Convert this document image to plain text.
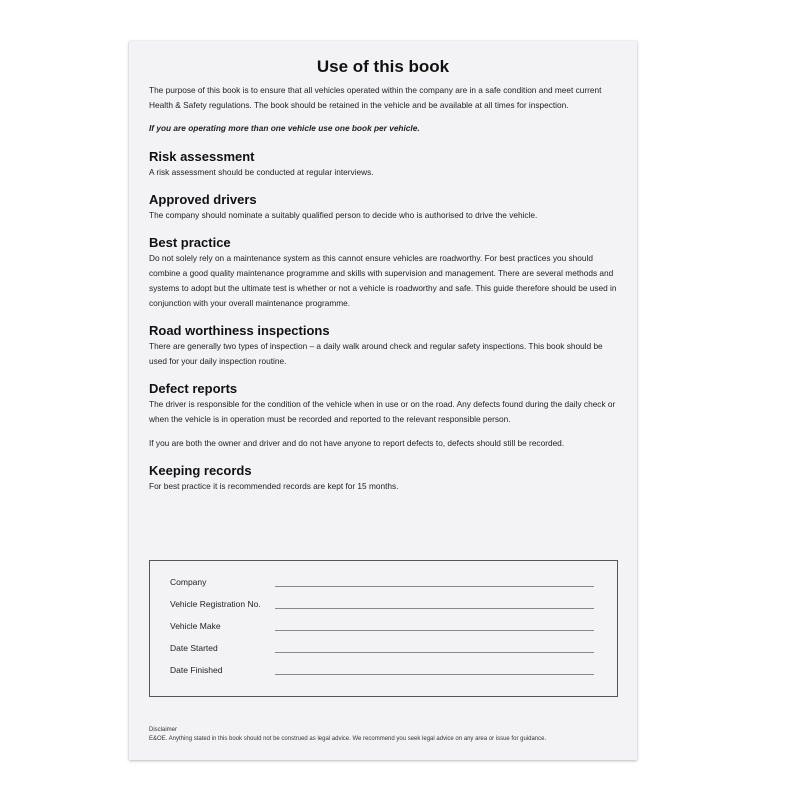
Use of this book

The purpose of this book is to ensure that all vehicles operated within the company are in a safe condition and meet current Health & Safety regulations. The book should be retained in the vehicle and be available at all times for inspection.

If you are operating more than one vehicle use one book per vehicle.

Risk assessment

A risk assessment should be conducted at regular interviews.

Approved drivers

The company should nominate a suitably qualified person to decide who is authorised to drive the vehicle.

Best practice

Do not solely rely on a maintenance system as this cannot ensure vehicles are roadworthy. For best practices you should combine a good quality maintenance programme and skills with supervision and management. There are several methods and systems to adopt but the ultimate test is whether or not a vehicle is roadworthy and safe. This guide therefore should be used in conjunction with your overall maintenance programme.

Road worthiness inspections

There are generally two types of inspection – a daily walk around check and regular safety inspections. This book should be used for your daily inspection routine.

Defect reports

The driver is responsible for the condition of the vehicle when in use or on the road. Any defects found during the daily check or when the vehicle is in operation must be recorded and reported to the relevant responsible person.

If you are both the owner and driver and do not have anyone to report defects to, defects should still be recorded.

Keeping records

For best practice it is recommended records are kept for 15 months.

Company
Vehicle Registration No.
Vehicle Make
Date Started
Date Finished

Disclaimer

E&OE. Anything stated in this book should not be construed as legal advice. We recommend you seek legal advice on any area or issue for guidance.
